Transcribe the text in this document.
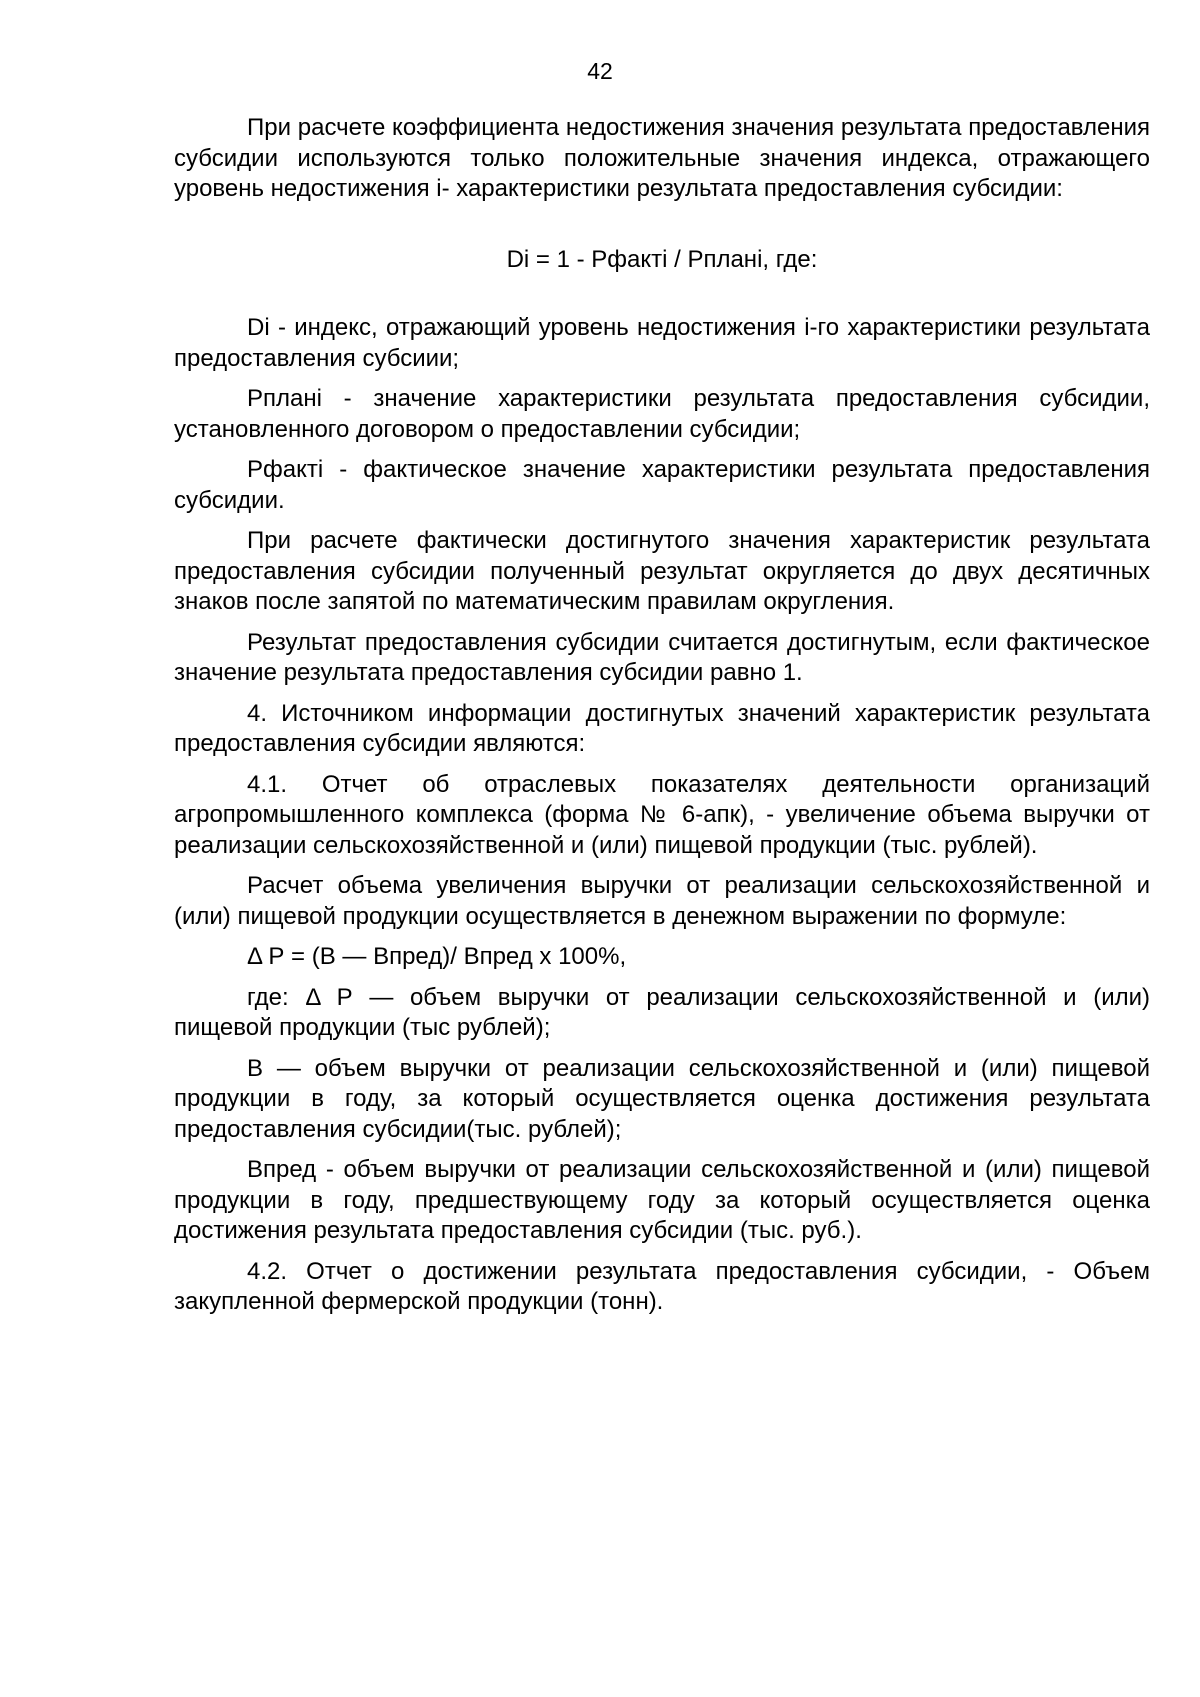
42

При расчете коэффициента недостижения значения результата предоставления субсидии используются только положительные значения индекса, отражающего уровень недостижения i- характеристики результата предоставления субсидии:

Di = 1 - Pфактi / Pпланi, где:

Di - индекс, отражающий уровень недостижения i-го характеристики результата предоставления субсиии;

Pпланi - значение характеристики результата предоставления субсидии, установленного договором о предоставлении субсидии;

Pфактi - фактическое значение характеристики результата предоставления субсидии.

При расчете фактически достигнутого значения характеристик результата предоставления субсидии полученный результат округляется до двух десятичных знаков после запятой по математическим правилам округления.

Результат предоставления субсидии считается достигнутым, если фактическое значение результата предоставления субсидии равно 1.

4. Источником информации достигнутых значений характеристик результата предоставления субсидии являются:

4.1. Отчет об отраслевых показателях деятельности организаций агропромышленного комплекса (форма № 6-апк), - увеличение объема выручки от реализации сельскохозяйственной и (или) пищевой продукции (тыс. рублей).

Расчет объема увеличения выручки от реализации сельскохозяйственной и (или) пищевой продукции осуществляется в денежном выражении по формуле:

Δ Р = (В — Впред)/ Впред х 100%,

где: Δ Р — объем выручки от реализации сельскохозяйственной и (или) пищевой продукции (тыс рублей);

В — объем выручки от реализации сельскохозяйственной и (или) пищевой продукции в году, за который осуществляется оценка достижения результата предоставления субсидии(тыс. рублей);

Впред - объем выручки от реализации сельскохозяйственной и (или) пищевой продукции в году, предшествующему году за который осуществляется оценка достижения результата предоставления субсидии (тыс. руб.).

4.2. Отчет о достижении результата предоставления субсидии, - Объем закупленной фермерской продукции (тонн).
